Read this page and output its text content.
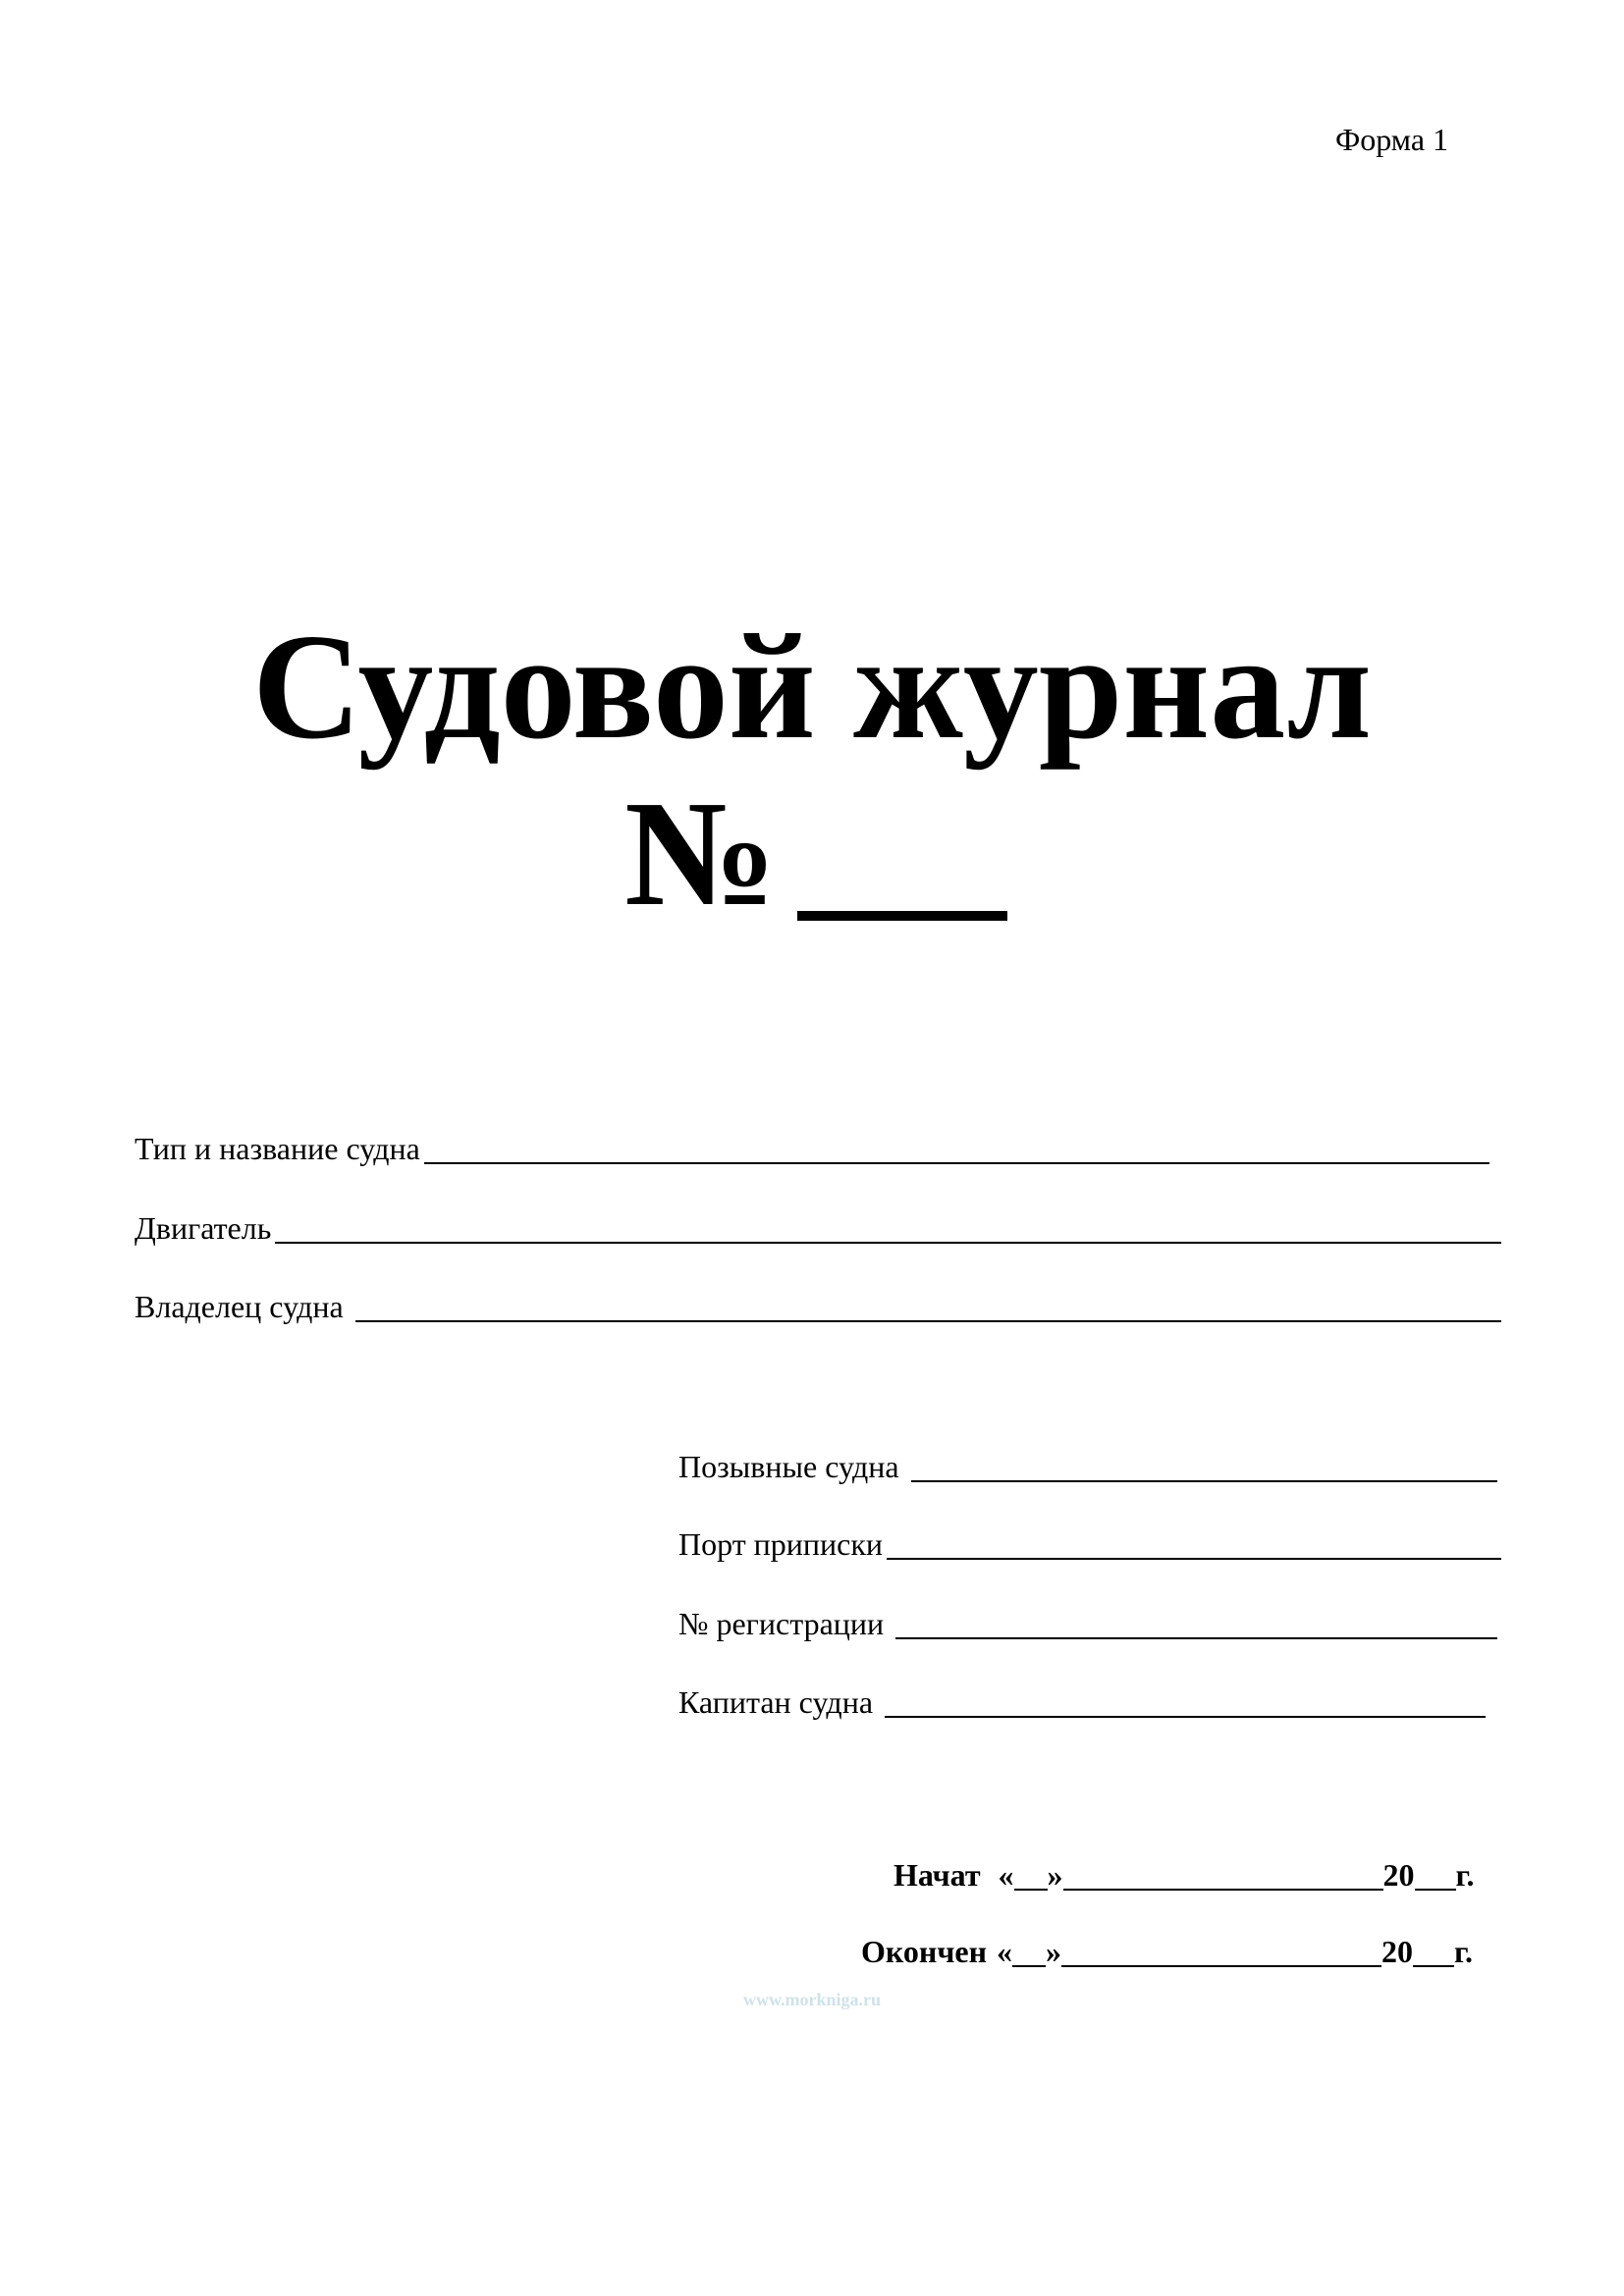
Форма 1
Судовой журнал
№
Тип и название судна
Двигатель
Владелец судна
Позывные судна
Порт приписки
№ регистрации
Капитан судна
Начат « »	20 г.
Окончен « »	20 г.
www.morkniga.ru
